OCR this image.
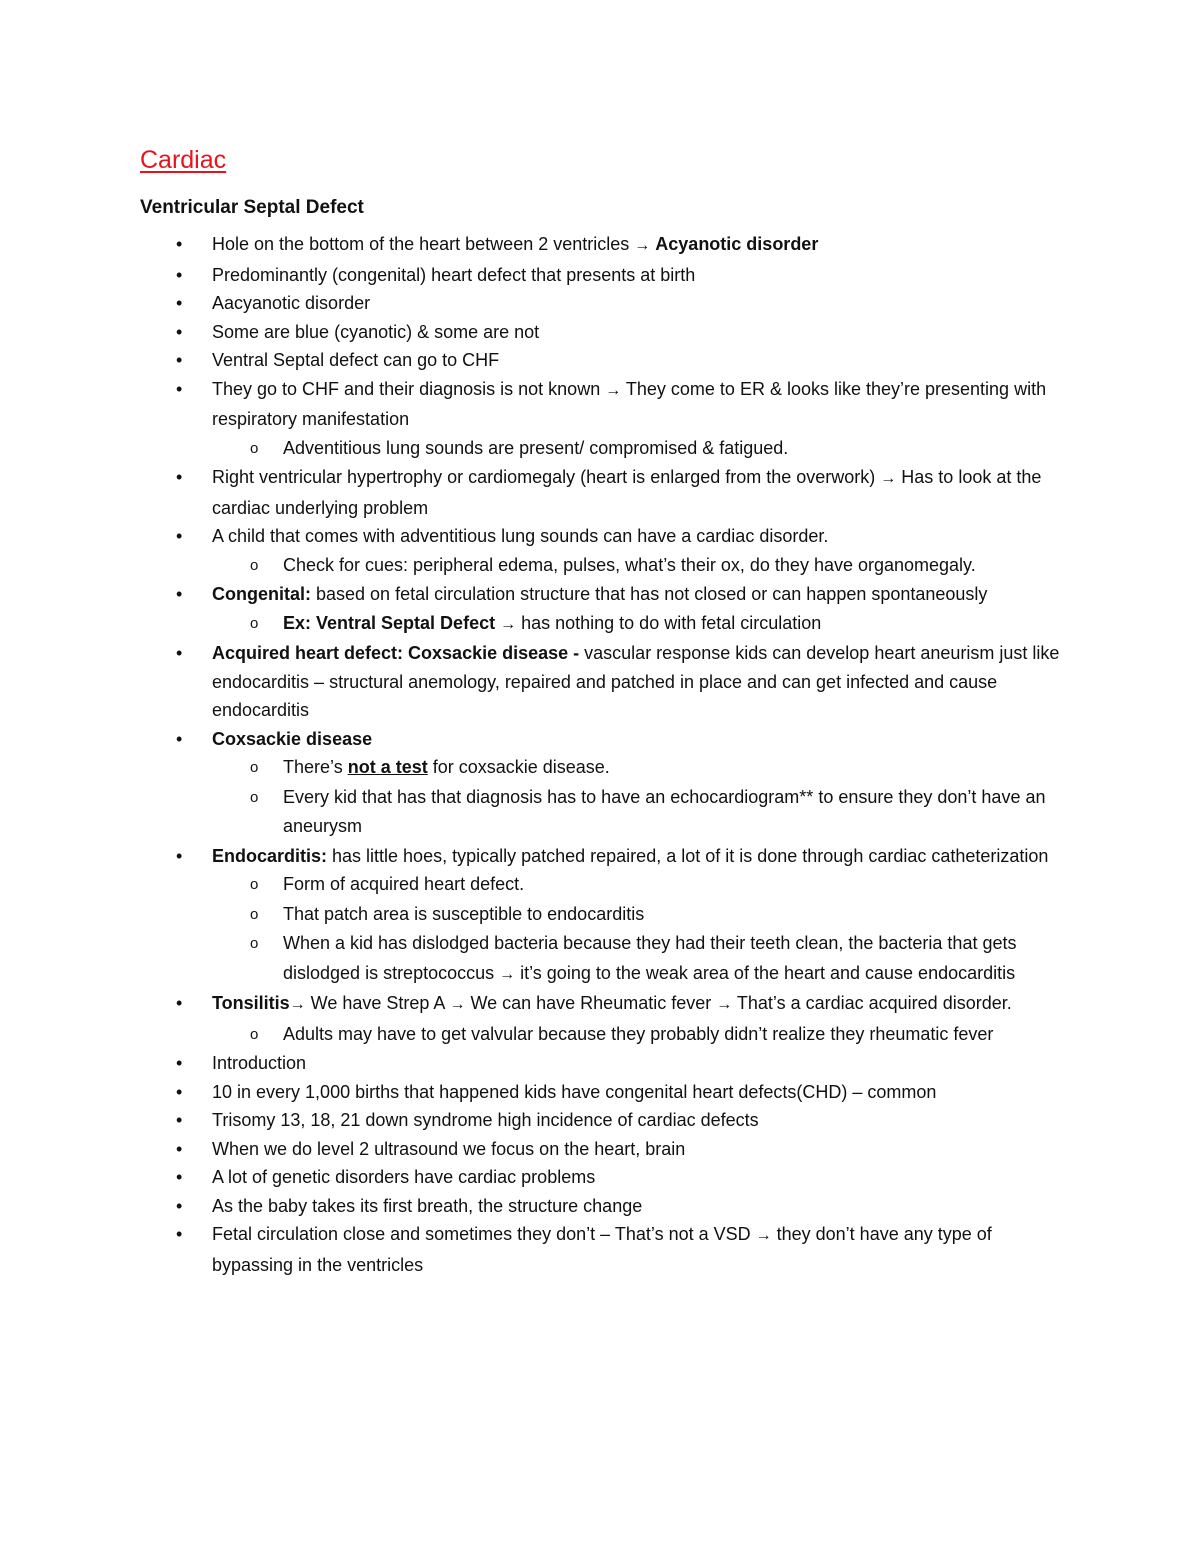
Cardiac
Ventricular Septal Defect
• Hole on the bottom of the heart between 2 ventricles → Acyanotic disorder
• Predominantly (congenital) heart defect that presents at birth
• Aacyanotic disorder
• Some are blue (cyanotic) & some are not
• Ventral Septal defect can go to CHF
• They go to CHF and their diagnosis is not known → They come to ER & looks like they’re presenting with respiratory manifestation
o Adventitious lung sounds are present/ compromised & fatigued.
• Right ventricular hypertrophy or cardiomegaly (heart is enlarged from the overwork) → Has to look at the cardiac underlying problem
• A child that comes with adventitious lung sounds can have a cardiac disorder.
o Check for cues: peripheral edema, pulses, what’s their ox, do they have organomegaly.
• Congenital: based on fetal circulation structure that has not closed or can happen spontaneously
o Ex: Ventral Septal Defect → has nothing to do with fetal circulation
• Acquired heart defect: Coxsackie disease - vascular response kids can develop heart aneurism just like endocarditis – structural anemology, repaired and patched in place and can get infected and cause endocarditis
• Coxsackie disease
o There’s not a test for coxsackie disease.
o Every kid that has that diagnosis has to have an echocardiogram** to ensure they don’t have an aneurysm
• Endocarditis: has little hoes, typically patched repaired, a lot of it is done through cardiac catheterization
o Form of acquired heart defect.
o That patch area is susceptible to endocarditis
o When a kid has dislodged bacteria because they had their teeth clean, the bacteria that gets dislodged is streptococcus → it’s going to the weak area of the heart and cause endocarditis
• Tonsilitis→ We have Strep A → We can have Rheumatic fever → That’s a cardiac acquired disorder.
o Adults may have to get valvular because they probably didn’t realize they rheumatic fever
• Introduction
• 10 in every 1,000 births that happened kids have congenital heart defects(CHD) – common
• Trisomy 13, 18, 21 down syndrome high incidence of cardiac defects
• When we do level 2 ultrasound we focus on the heart, brain
• A lot of genetic disorders have cardiac problems
• As the baby takes its first breath, the structure change
• Fetal circulation close and sometimes they don’t – That’s not a VSD → they don’t have any type of bypassing in the ventricles
